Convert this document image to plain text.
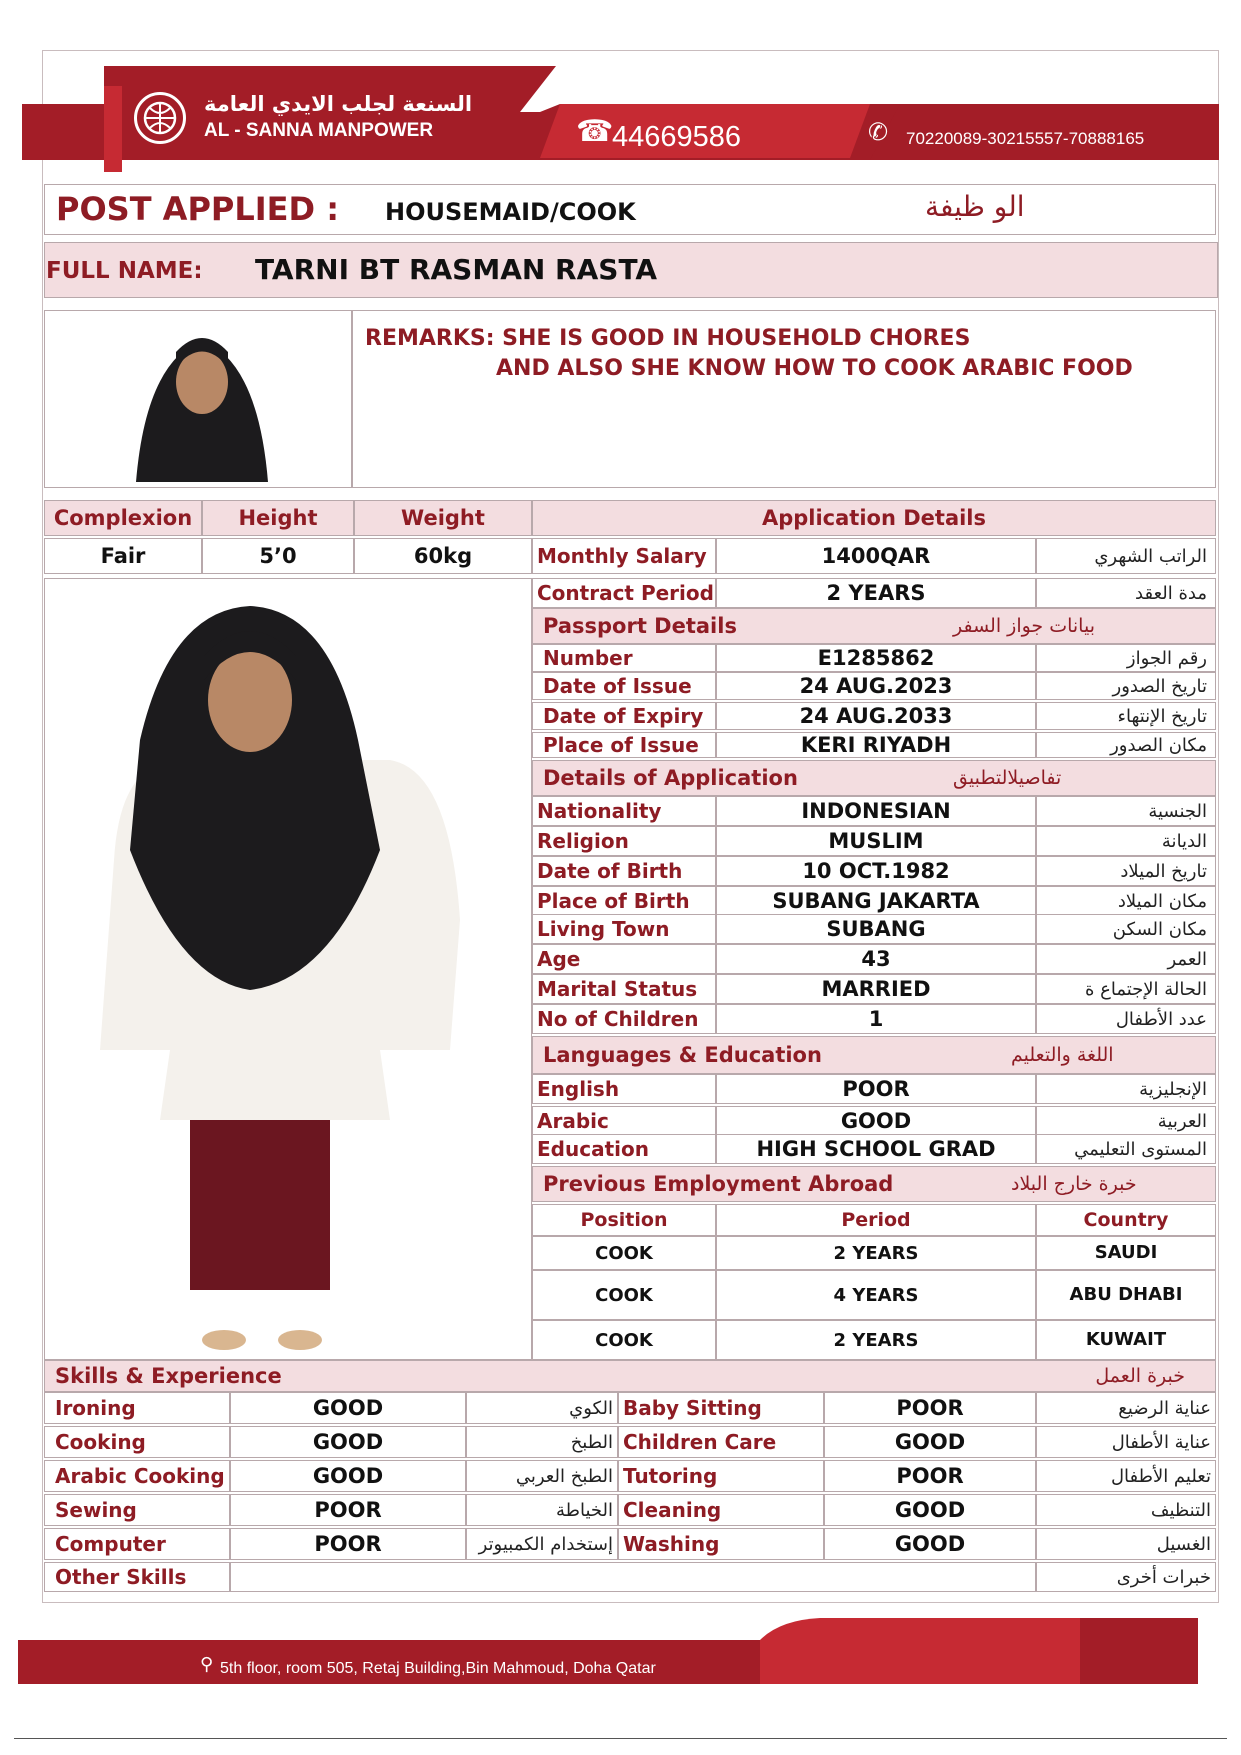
السنعة لجلب الايدي العامة
AL - SANNA MANPOWER	☎
44669586	✆ 70220089-30215557-70888165
POST APPLIED : HOUSEMAID/COOK	الو ظيفة
FULL NAME: TARNI BT RASMAN RASTA
REMARKS: SHE IS GOOD IN HOUSEHOLD CHORES
AND ALSO SHE KNOW HOW TO COOK ARABIC FOOD
Complexion Height	Weight
Fair	5’0	60kg
Application Details
Monthly Salary	1400QAR	الراتب الشهري
Contract Period	2 YEARS	مدة العقد
Passport Details	بيانات جواز السفر
Number	E1285862	رقم الجواز
Date of Issue	24 AUG.2023	تاريخ الصدور
Date of Expiry	24 AUG.2033	تاريخ الإنتهاء
Place of Issue	KERI RIYADH	مكان الصدور
Details of Application	تفاصيلالتطبيق
Nationality	INDONESIAN	الجنسية
Religion	MUSLIM	الديانة
Date of Birth	10 OCT.1982	تاريخ الميلاد
Place of Birth	SUBANG JAKARTA	مكان الميلاد
Living Town	SUBANG	مكان السكن
Age	43	العمر
Marital Status	MARRIED	الحالة الإجتماع ة
No of Children	1	عدد الأطفال
Languages & Education	اللغة والتعليم
English	POOR	الإنجليزية
Arabic	GOOD	العربية
Education	HIGH SCHOOL GRAD	المستوى التعليمي
Previous Employment Abroad	خبرة خارج البلاد
Position	Period	Country
COOK	2 YEARS	SAUDI
COOK	4 YEARS	ABU DHABI
COOK	2 YEARS	KUWAIT
Skills & Experience	خبرة العمل
Ironing	GOOD	الكوي Baby Sitting	POOR	عناية الرضيع
Cooking	GOOD	الطبخ Children Care	GOOD	عناية الأطفال
Arabic Cooking	GOOD	الطبخ العربي Tutoring	POOR	تعليم الأطفال
Sewing	POOR	الخياطة Cleaning	GOOD	التنظيف
Computer	POOR	إستخدام الكمبيوتر Washing	GOOD	الغسيل
Other Skills	خبرات أخرى
⚲ 5th floor, room 505, Retaj Building,Bin Mahmoud, Doha Qatar
